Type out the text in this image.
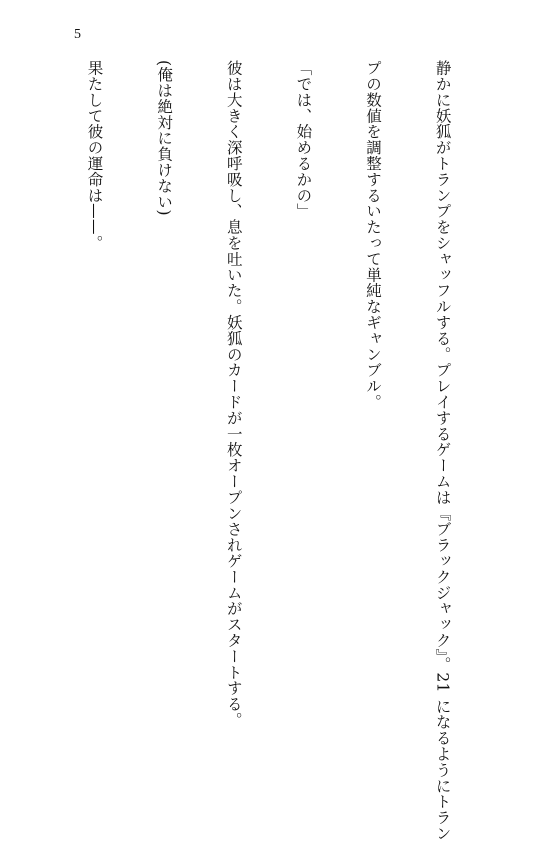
5

静かに妖狐がトランプをシャッフルする。プレイするゲームは『ブラックジャック』。21 になるようにトラン

プの数値を調整するいたって単純なギャンブル。

「では、始めるかの」

彼は大きく深呼吸し、息を吐いた。妖狐のカードが一枚オープンされゲームがスタートする。

(俺は絶対に負けない)

果たして彼の運命は——。
